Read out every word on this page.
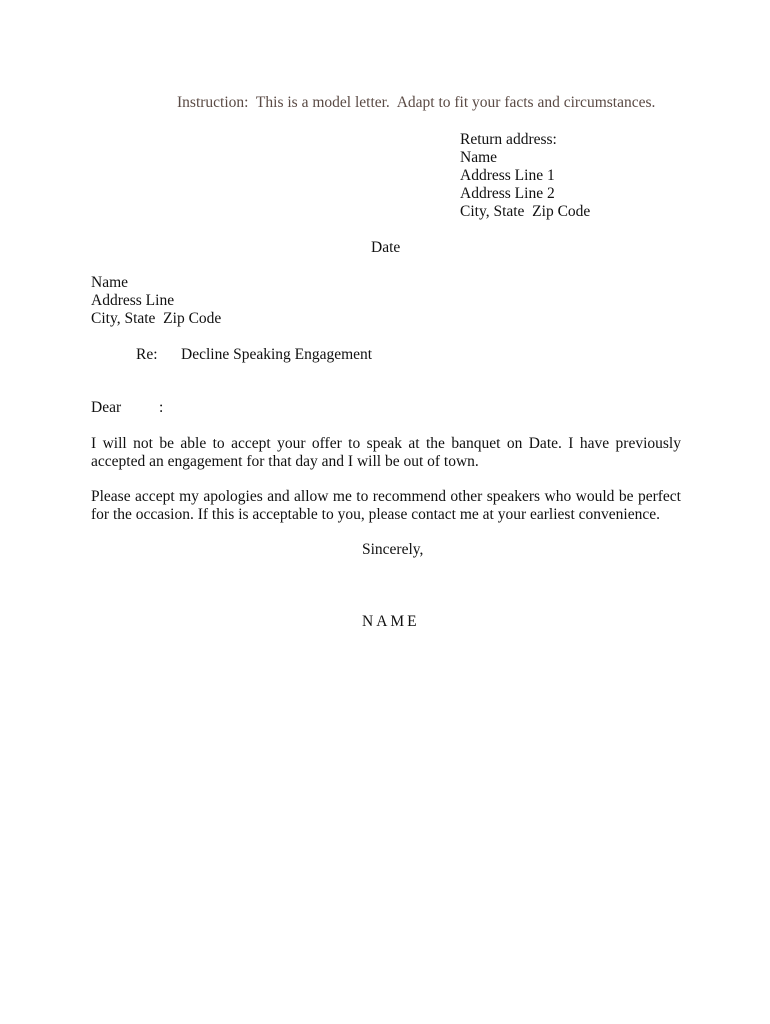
Instruction:  This is a model letter.  Adapt to fit your facts and circumstances.
Return address:
Name
Address Line 1
Address Line 2
City, State  Zip Code
Date
Name
Address Line
City, State  Zip Code
Re: Decline Speaking Engagement
Dear :
I will not be able to accept your offer to speak at the banquet on Date. I have previously accepted an engagement for that day and I will be out of town.
Please accept my apologies and allow me to recommend other speakers who would be perfect for the occasion. If this is acceptable to you, please contact me at your earliest convenience.
Sincerely,
NAME
